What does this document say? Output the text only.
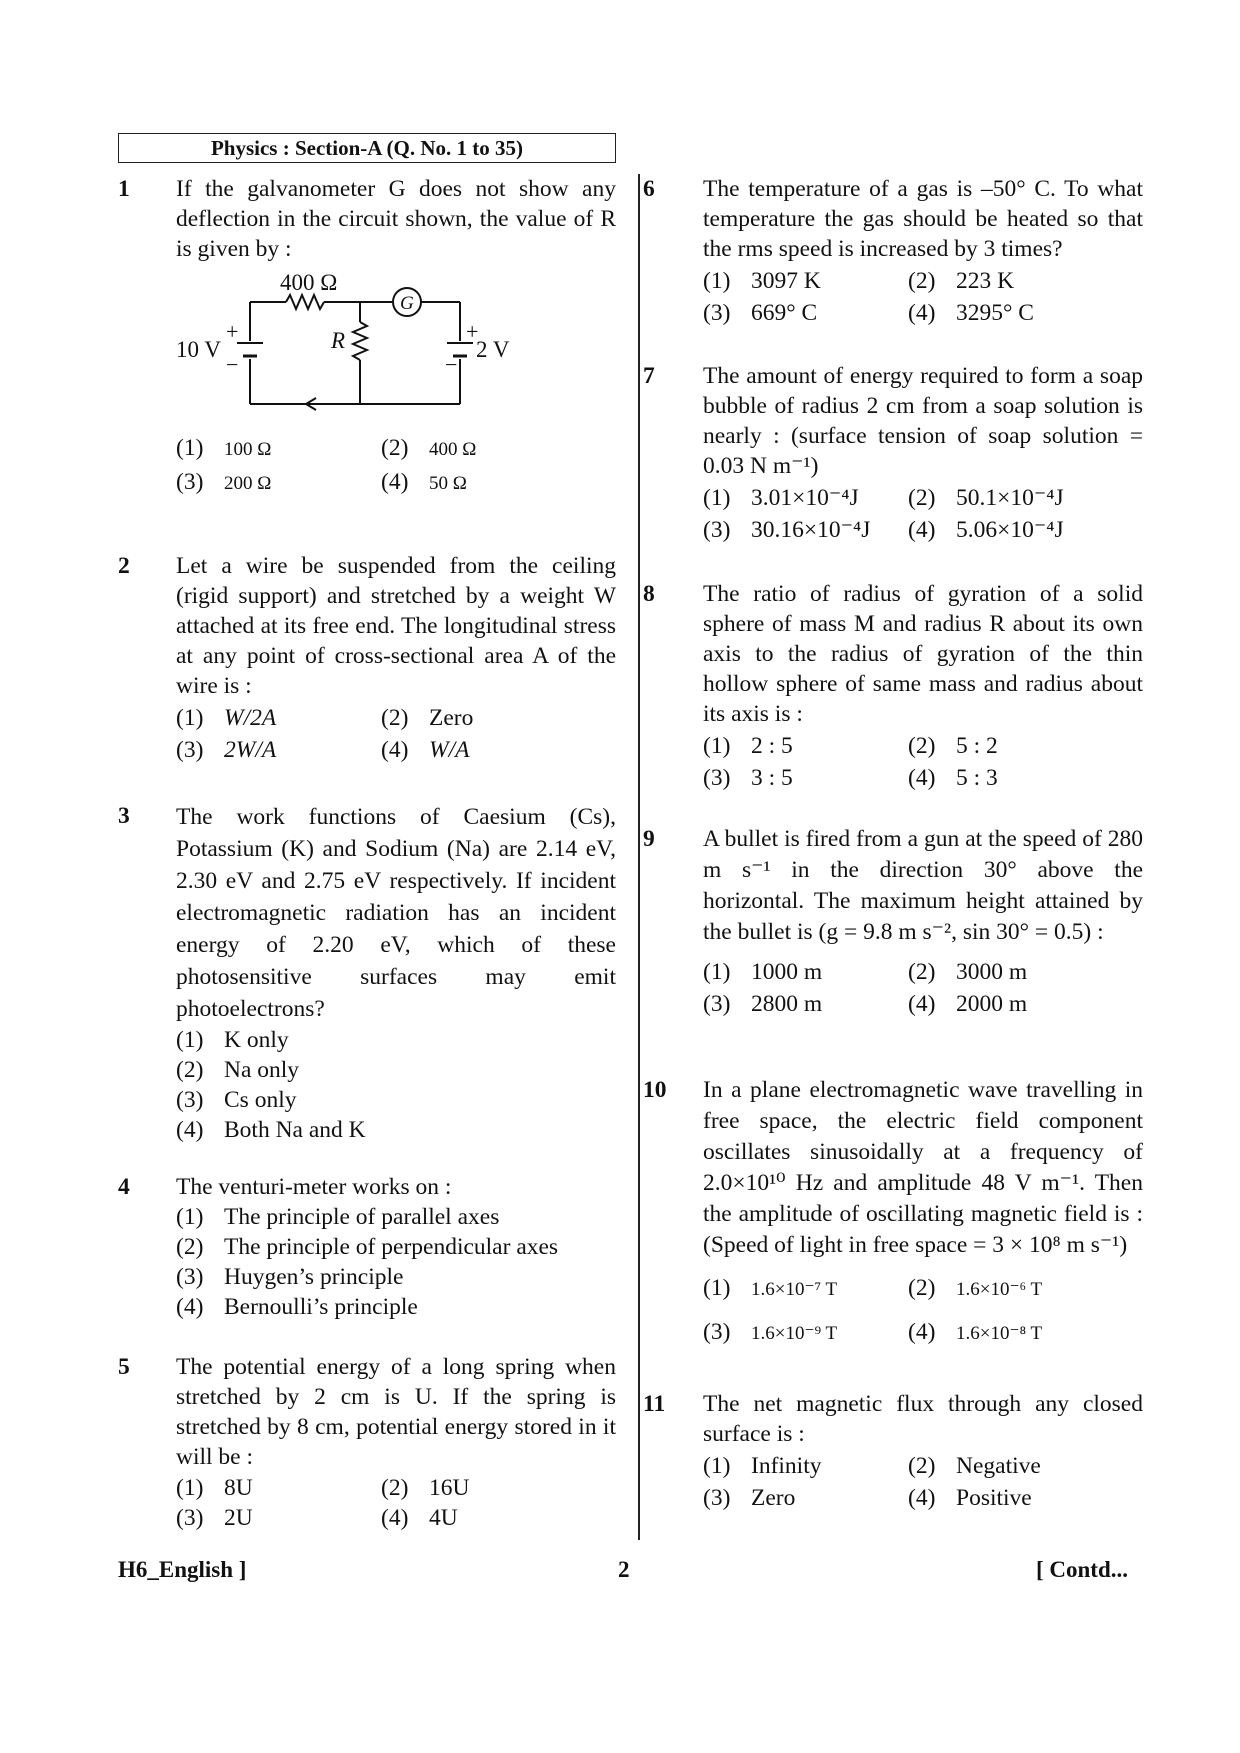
Physics : Section-A (Q. No. 1 to 35)
1	If the galvanometer G does not show any deflection in the circuit shown, the value of R is given by :
400 Ω
G
R
10 V	2 V
+
−
+
−
(1) 100 Ω	(2) 400 Ω
(3) 200 Ω	(4) 50 Ω
2	Let a wire be suspended from the ceiling (rigid support) and stretched by a weight W attached at its free end. The longitudinal stress at any point of cross-sectional area A of the wire is :
(1) W/2A	(2) Zero
(3) 2W/A	(4) W/A
3	The work functions of Caesium (Cs), Potassium (K) and Sodium (Na) are 2.14 eV, 2.30 eV and 2.75 eV respectively. If incident electromagnetic radiation has an incident energy of 2.20 eV, which of these photosensitive surfaces may emit photoelectrons?
(1) K only
(2) Na only
(3) Cs only
(4) Both Na and K
4	The venturi-meter works on :
(1) The principle of parallel axes
(2) The principle of perpendicular axes
(3) Huygen’s principle
(4) Bernoulli’s principle
5	The potential energy of a long spring when stretched by 2 cm is U. If the spring is stretched by 8 cm, potential energy stored in it will be :
(1) 8U	(2) 16U
(3) 2U	(4) 4U
6	The temperature of a gas is –50° C. To what temperature the gas should be heated so that the rms speed is increased by 3 times?
(1) 3097 K	(2) 223 K
(3) 669° C	(4) 3295° C
7	The amount of energy required to form a soap bubble of radius 2 cm from a soap solution is nearly : (surface tension of soap solution = 0.03 N m⁻¹)
(1) 3.01×10⁻⁴J	(2) 50.1×10⁻⁴J
(3) 30.16×10⁻⁴J	(4) 5.06×10⁻⁴J
8	The ratio of radius of gyration of a solid sphere of mass M and radius R about its own axis to the radius of gyration of the thin hollow sphere of same mass and radius about its axis is :
(1) 2 : 5	(2) 5 : 2
(3) 3 : 5	(4) 5 : 3
9	A bullet is fired from a gun at the speed of 280 m s⁻¹ in the direction 30° above the horizontal. The maximum height attained by the bullet is (g = 9.8 m s⁻², sin 30° = 0.5) :
(1) 1000 m	(2) 3000 m
(3) 2800 m	(4) 2000 m
10	In a plane electromagnetic wave travelling in free space, the electric field component oscillates sinusoidally at a frequency of 2.0×10¹⁰ Hz and amplitude 48 V m⁻¹. Then the amplitude of oscillating magnetic field is : (Speed of light in free space = 3 × 10⁸ m s⁻¹)
(1) 1.6×10⁻⁷ T	(2) 1.6×10⁻⁶ T
(3) 1.6×10⁻⁹ T	(4) 1.6×10⁻⁸ T
11	The net magnetic flux through any closed surface is :
(1) Infinity	(2) Negative
(3) Zero	(4) Positive
H6_English ]	2	[ Contd...
